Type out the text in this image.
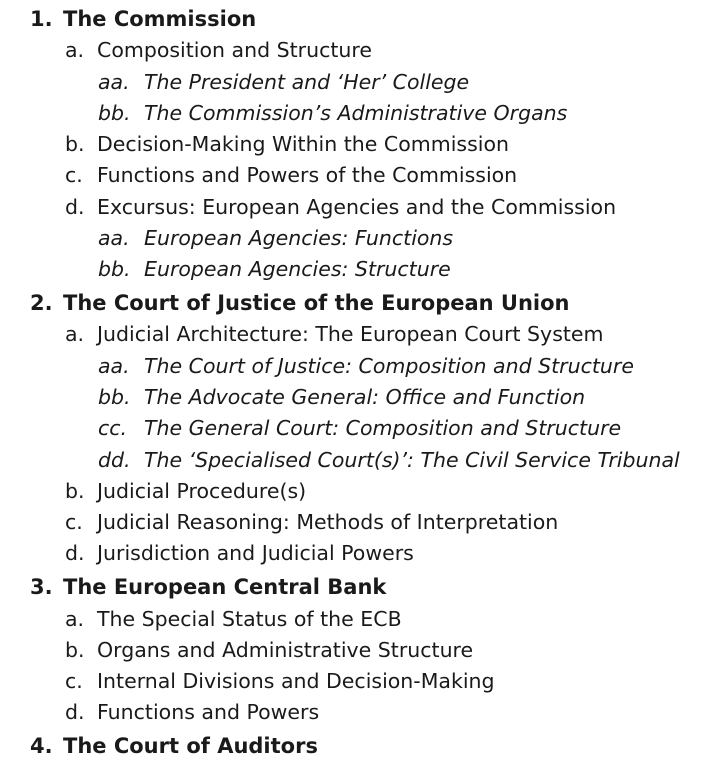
1. The Commission
a. Composition and Structure
aa. The President and ‘Her’ College
bb. The Commission’s Administrative Organs
b. Decision-Making Within the Commission
c. Functions and Powers of the Commission
d. Excursus: European Agencies and the Commission
aa. European Agencies: Functions
bb. European Agencies: Structure
2. The Court of Justice of the European Union
a. Judicial Architecture: The European Court System
aa. The Court of Justice: Composition and Structure
bb. The Advocate General: Office and Function
cc. The General Court: Composition and Structure
dd. The ‘Specialised Court(s)’: The Civil Service Tribunal
b. Judicial Procedure(s)
c. Judicial Reasoning: Methods of Interpretation
d. Jurisdiction and Judicial Powers
3. The European Central Bank
a. The Special Status of the ECB
b. Organs and Administrative Structure
c. Internal Divisions and Decision-Making
d. Functions and Powers
4. The Court of Auditors
